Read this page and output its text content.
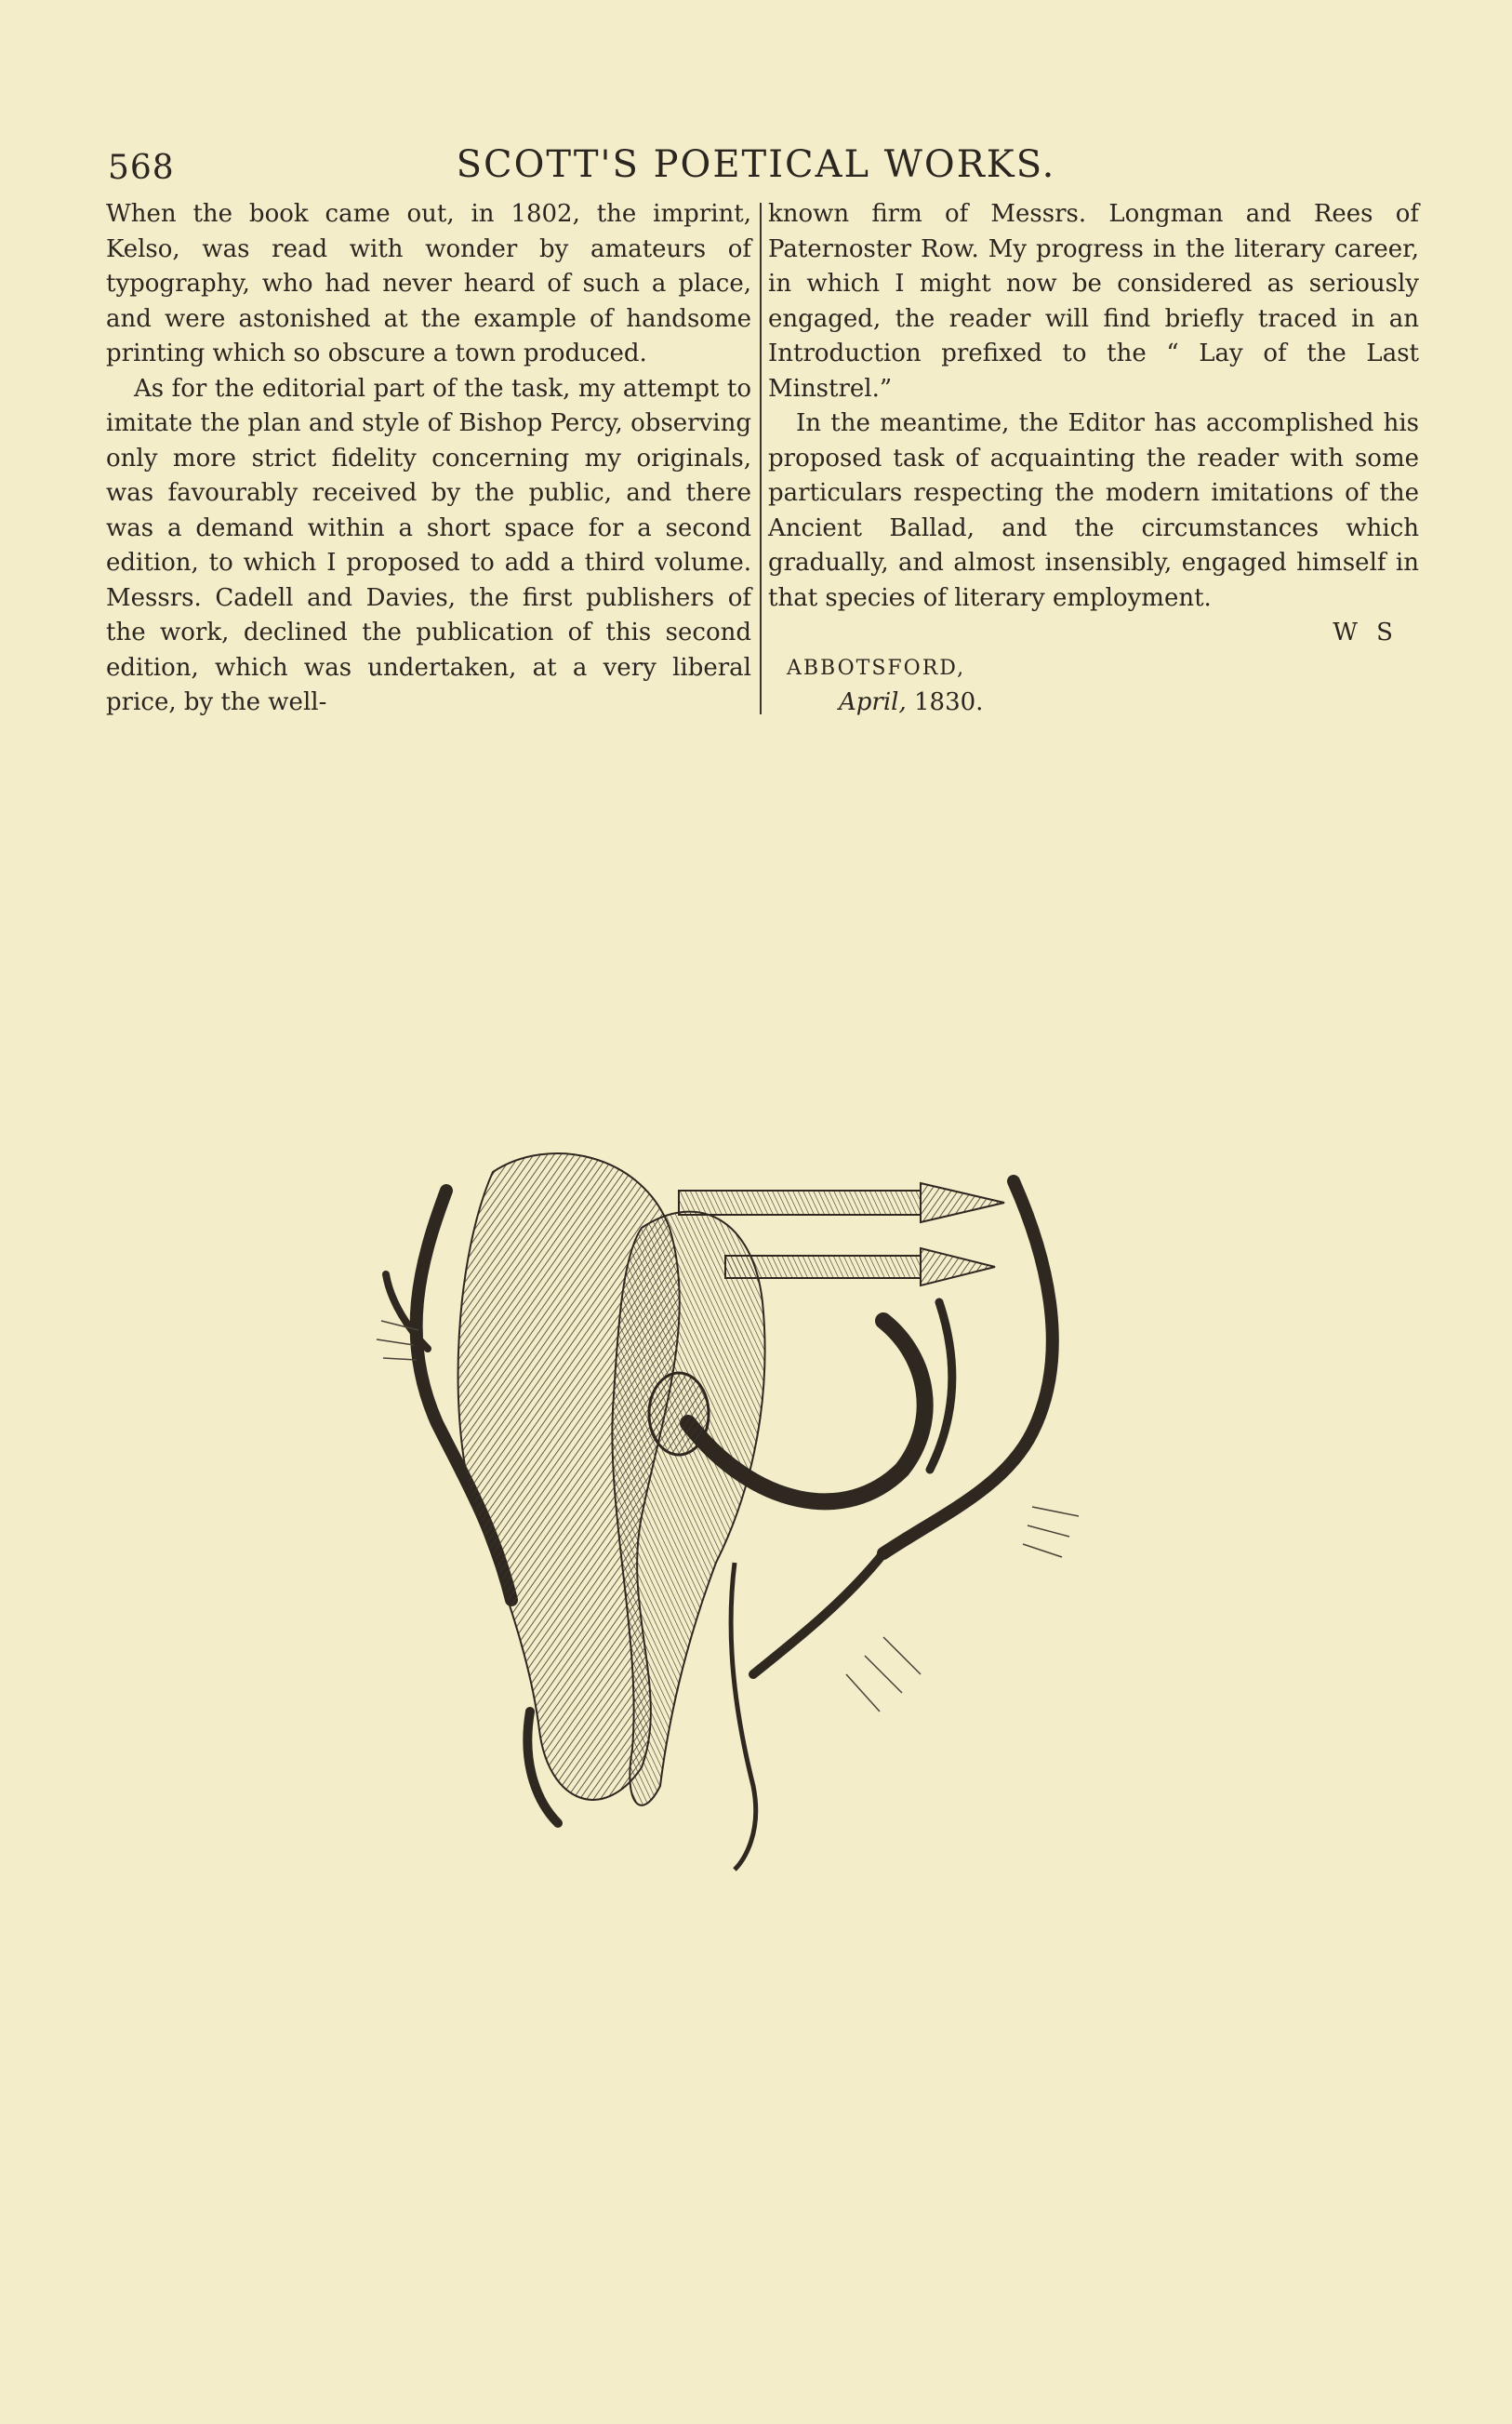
568	SCOTT'S POETICAL WORKS.

When the book came out, in 1802, the imprint, Kelso, was read with wonder by amateurs of typography, who had never heard of such a place, and were astonished at the example of handsome printing which so obscure a town produced.

As for the editorial part of the task, my attempt to imitate the plan and style of Bishop Percy, observing only more strict fidelity concerning my originals, was favourably received by the public, and there was a demand within a short space for a second edition, to which I proposed to add a third volume. Messrs. Cadell and Davies, the first publishers of the work, declined the publication of this second edition, which was undertaken, at a very liberal price, by the well-

known firm of Messrs. Longman and Rees of Paternoster Row. My progress in the literary career, in which I might now be considered as seriously engaged, the reader will find briefly traced in an Introduction prefixed to the “ Lay of the Last Minstrel.”

In the meantime, the Editor has accomplished his proposed task of acquainting the reader with some particulars respecting the modern imitations of the Ancient Ballad, and the circumstances which gradually, and almost insensibly, engaged himself in that species of literary employment.

W S

ABBOTSFORD,

April, 1830.
